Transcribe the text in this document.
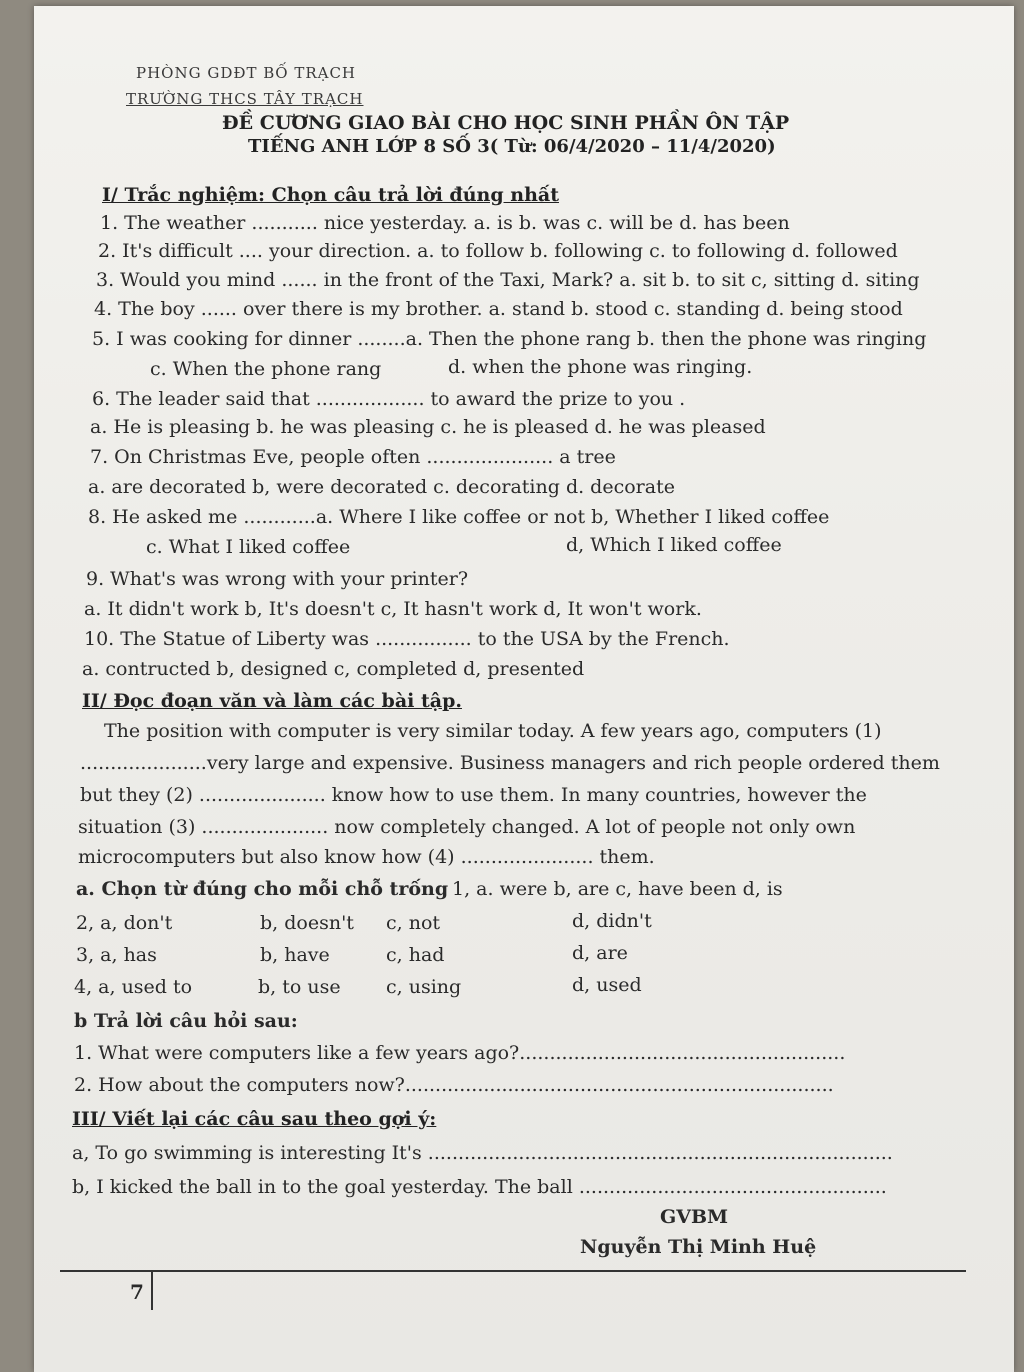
PHÒNG GDĐT BỐ TRẠCH
TRƯỜNG THCS TÂY TRẠCH
ĐỀ CƯƠNG GIAO BÀI CHO HỌC SINH PHẦN ÔN TẬP
TIẾNG ANH LỚP 8 SỐ 3( Từ: 06/4/2020 – 11/4/2020)
I/ Trắc nghiệm: Chọn câu trả lời đúng nhất
1. The weather ........... nice yesterday. a. is b. was c. will be d. has been
2. It's difficult .... your direction. a. to follow b. following c. to following d. followed
3. Would you mind ...... in the front of the Taxi, Mark? a. sit b. to sit c, sitting d. siting
4. The boy ...... over there is my brother. a. stand b. stood c. standing d. being stood
5. I was cooking for dinner ........a. Then the phone rang b. then the phone was ringing
c. When the phone rang	d. when the phone was ringing.
6. The leader said that .................. to award the prize to you .
a. He is pleasing b. he was pleasing c. he is pleased d. he was pleased
7. On Christmas Eve, people often ..................... a tree
a. are decorated b, were decorated c. decorating d. decorate
8. He asked me ............a. Where I like coffee or not b, Whether I liked coffee
c. What I liked coffee	d, Which I liked coffee
9. What's was wrong with your printer?
a. It didn't work b, It's doesn't c, It hasn't work d, It won't work.
10. The Statue of Liberty was ................ to the USA by the French.
a. contructed b, designed c, completed d, presented
II/ Đọc đoạn văn và làm các bài tập.
The position with computer is very similar today. A few years ago, computers (1)
.....................very large and expensive. Business managers and rich people ordered them
but they (2) ..................... know how to use them. In many countries, however the
situation (3) ..................... now completely changed. A lot of people not only own
microcomputers but also know how (4) ...................... them.
a. Chọn từ đúng cho mỗi chỗ trống 1, a. were b, are c, have been d, is
2, a, don't	b, doesn't c, not	d, didn't
3, a, has	b, have	c, had	d, are
4, a, used to	b, to use c, using	d, used
b Trả lời câu hỏi sau:
1. What were computers like a few years ago?......................................................
2. How about the computers now?.......................................................................
III/ Viết lại các câu sau theo gợi ý:
a, To go swimming is interesting It's .............................................................................
b, I kicked the ball in to the goal yesterday. The ball ...................................................
GVBM
Nguyễn Thị Minh Huệ
7
